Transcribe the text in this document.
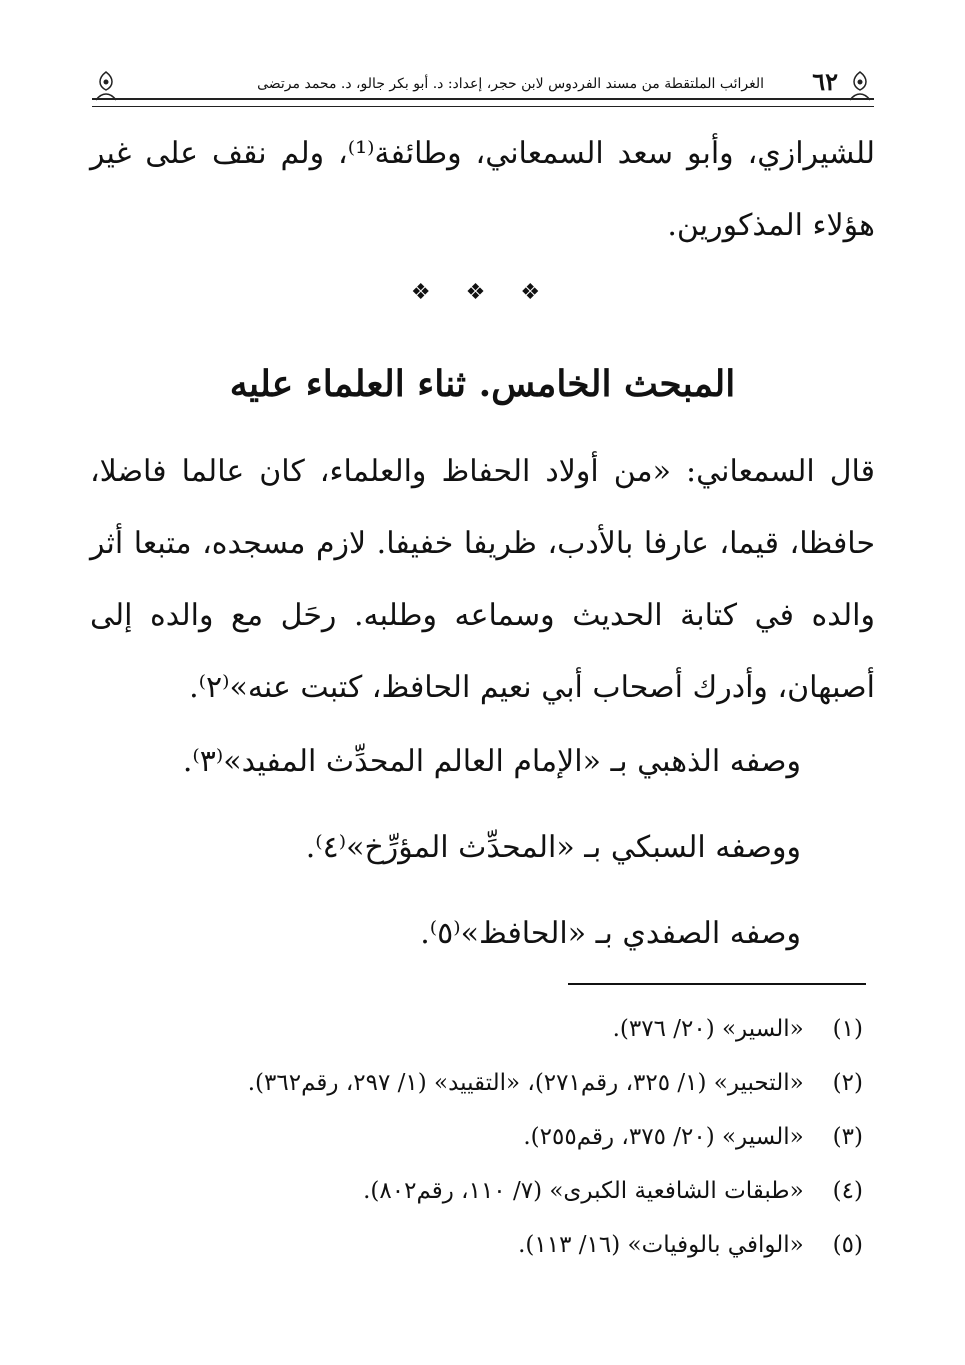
٦٢
الغرائب الملتقطة من مسند الفردوس لابن حجر، إعداد: د. أبو بكر جالو، د. محمد مرتضى

للشيرازي، وأبو سعد السمعاني، وطائفة⁽¹⁾، ولم نقف على غير هؤلاء المذكورين.

❖ ❖ ❖
المبحث الخامس. ثناء العلماء عليه

قال السمعاني: «من أولاد الحفاظ والعلماء، كان عالما فاضلا، حافظا، قيما، عارفا بالأدب، ظريفا خفيفا. لازم مسجده، متبعا أثر والده في كتابة الحديث وسماعه وطلبه. رحَل مع والده إلى أصبهان، وأدرك أصحاب أبي نعيم الحافظ، كتبت عنه»⁽٢⁾.

وصفه الذهبي بـ «الإمام العالم المحدِّث المفيد»⁽٣⁾.
ووصفه السبكي بـ «المحدِّث المؤرِّخ»⁽٤⁾.
وصفه الصفدي بـ «الحافظ»⁽٥⁾.
(١) «السير» (٢٠/ ٣٧٦).
(٢) «التحبير» (١/ ٣٢٥، رقم٢٧١)، «التقييد» (١/ ٢٩٧، رقم٣٦٢).
(٣) «السير» (٢٠/ ٣٧٥، رقم٢٥٥).
(٤) «طبقات الشافعية الكبرى» (٧/ ١١٠، رقم٨٠٢).
(٥) «الوافي بالوفيات» (١٦/ ١١٣).
